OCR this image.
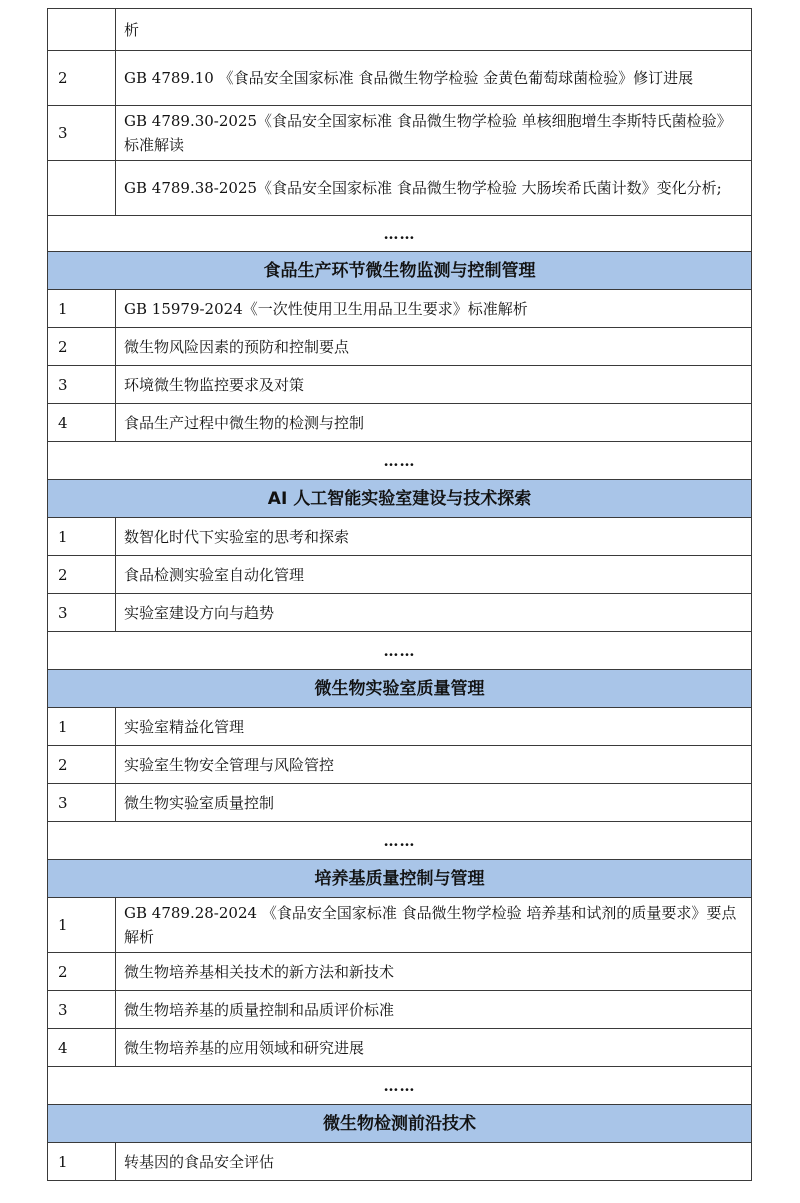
	析
2	GB 4789.10 《食品安全国家标准 食品微生物学检验 金黄色葡萄球菌检验》修订进展
3	GB 4789.30-2025《食品安全国家标准 食品微生物学检验 单核细胞增生李斯特氏菌检验》标准解读
	GB 4789.38-2025《食品安全国家标准 食品微生物学检验 大肠埃希氏菌计数》变化分析;
……	
食品生产环节微生物监测与控制管理	
1	GB 15979-2024《一次性使用卫生用品卫生要求》标准解析
2	微生物风险因素的预防和控制要点
3	环境微生物监控要求及对策
4	食品生产过程中微生物的检测与控制
……	
AI 人工智能实验室建设与技术探索	
1	数智化时代下实验室的思考和探索
2	食品检测实验室自动化管理
3	实验室建设方向与趋势
……	
微生物实验室质量管理	
1	实验室精益化管理
2	实验室生物安全管理与风险管控
3	微生物实验室质量控制
……	
培养基质量控制与管理	
1	GB 4789.28-2024 《食品安全国家标准 食品微生物学检验 培养基和试剂的质量要求》要点解析
2	微生物培养基相关技术的新方法和新技术
3	微生物培养基的质量控制和品质评价标准
4	微生物培养基的应用领域和研究进展
……	
微生物检测前沿技术	
1	转基因的食品安全评估
